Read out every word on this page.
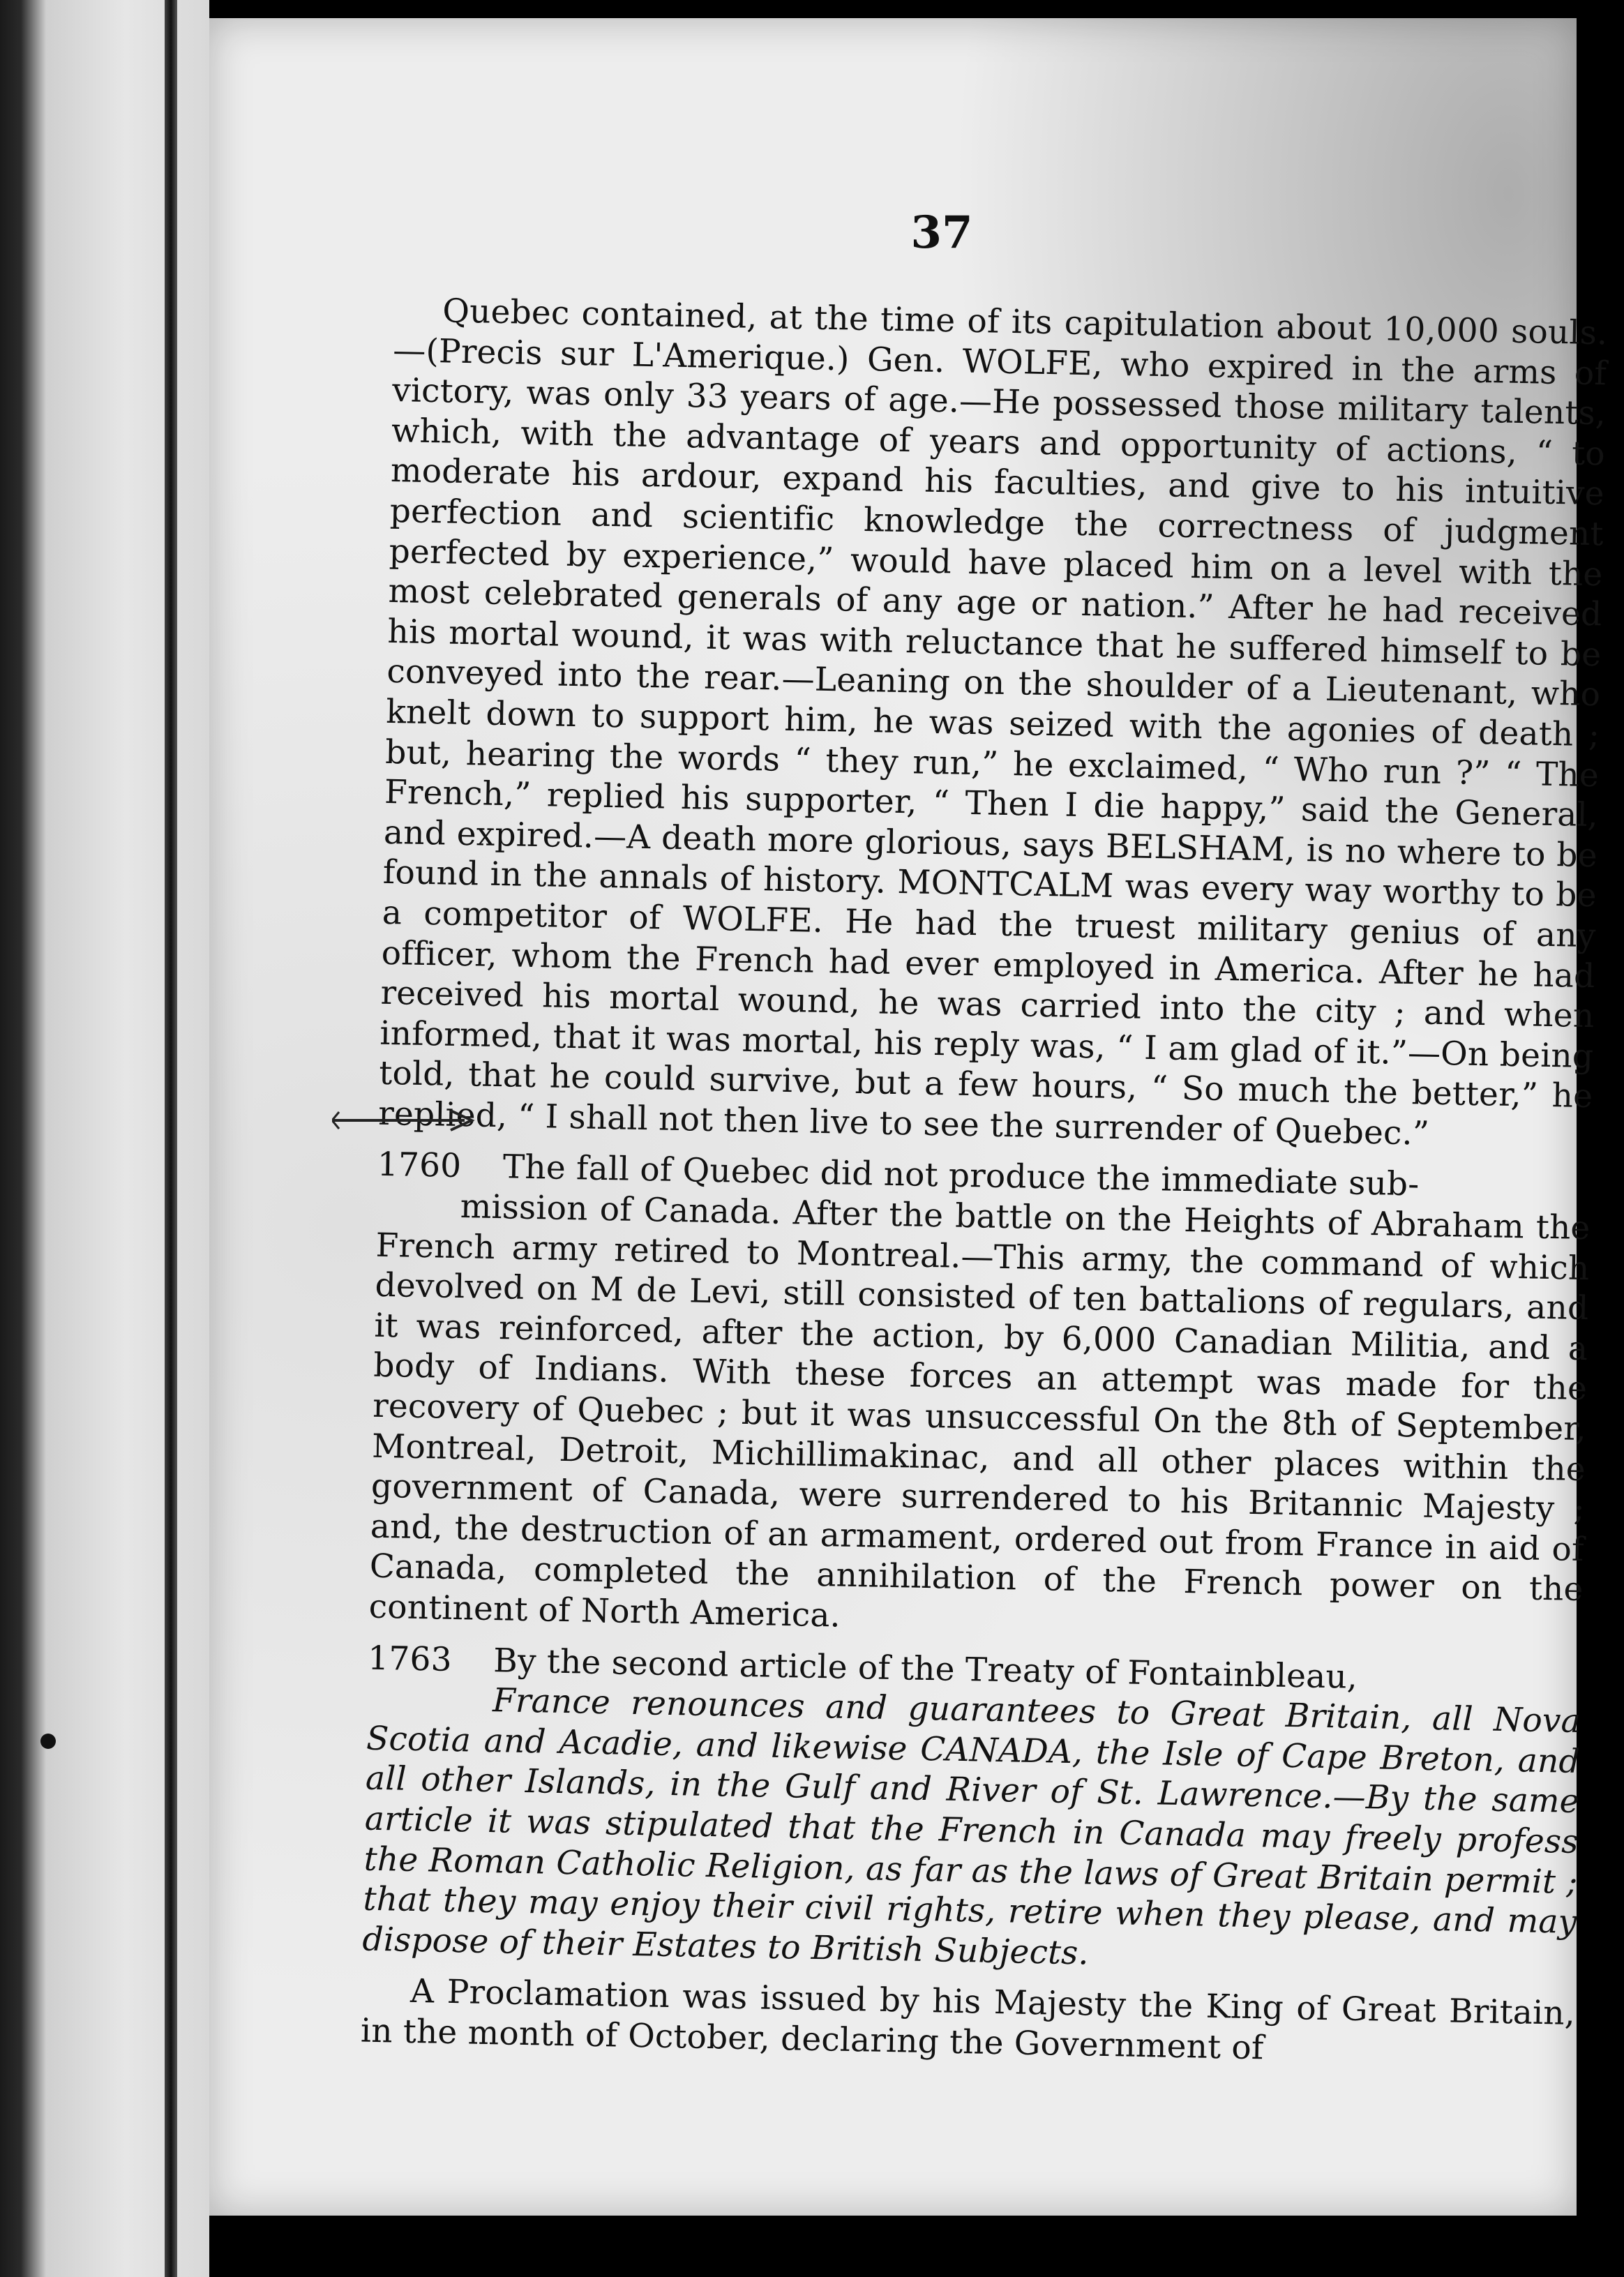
37

Quebec contained, at the time of its capitulation about 10,000 souls.—(Precis sur L'Amerique.) Gen. WOLFE, who expired in the arms of victory, was only 33 years of age.—He possessed those military talents, which, with the advantage of years and opportunity of actions, “ to moderate his ardour, expand his faculties, and give to his intuitive perfection and scientific knowledge the correctness of judgment perfected by experience,” would have placed him on a level with the most celebrated generals of any age or nation.” After he had received his mortal wound, it was with reluctance that he suffered himself to be conveyed into the rear.—Leaning on the shoulder of a Lieutenant, who knelt down to support him, he was seized with the agonies of death ; but, hearing the words “ they run,” he exclaimed, “ Who run ?” “ The French,” replied his supporter, “ Then I die happy,” said the General, and expired.—A death more glorious, says BELSHAM, is no where to be found in the annals of history. MONTCALM was every way worthy to be a competitor of WOLFE. He had the truest military genius of any officer, whom the French had ever employed in America. After he had received his mortal wound, he was carried into the city ; and when informed, that it was mortal, his reply was, “ I am glad of it.”—On being told, that he could survive, but a few hours, “ So much the better,” he replied, “ I shall not then live to see the surrender of Quebec.”

1760	The fall of Quebec did not produce the immediate sub-

mission of Canada. After the battle on the Heights of Abraham the French army retired to Montreal.—This army, the command of which devolved on M de Levi, still consisted of ten battalions of regulars, and it was reinforced, after the action, by 6,000 Canadian Militia, and a body of Indians. With these forces an attempt was made for the recovery of Quebec ; but it was unsuccessful On the 8th of September, Montreal, Detroit, Michillimakinac, and all other places within the government of Canada, were surrendered to his Britannic Majesty ; and, the destruction of an armament, ordered out from France in aid of Canada, completed the annihilation of the French power on the continent of North America.

1763	By the second article of the Treaty of Fontainbleau,

France renounces and guarantees to Great Britain, all Nova Scotia and Acadie, and likewise CANADA, the Isle of Cape Breton, and all other Islands, in the Gulf and River of St. Lawrence.—By the same article it was stipulated that the French in Canada may freely profess the Roman Catholic Religion, as far as the laws of Great Britain permit ; that they may enjoy their civil rights, retire when they please, and may dispose of their Estates to British Subjects.

A Proclamation was issued by his Majesty the King of Great Britain, in the month of October, declaring the Government of
